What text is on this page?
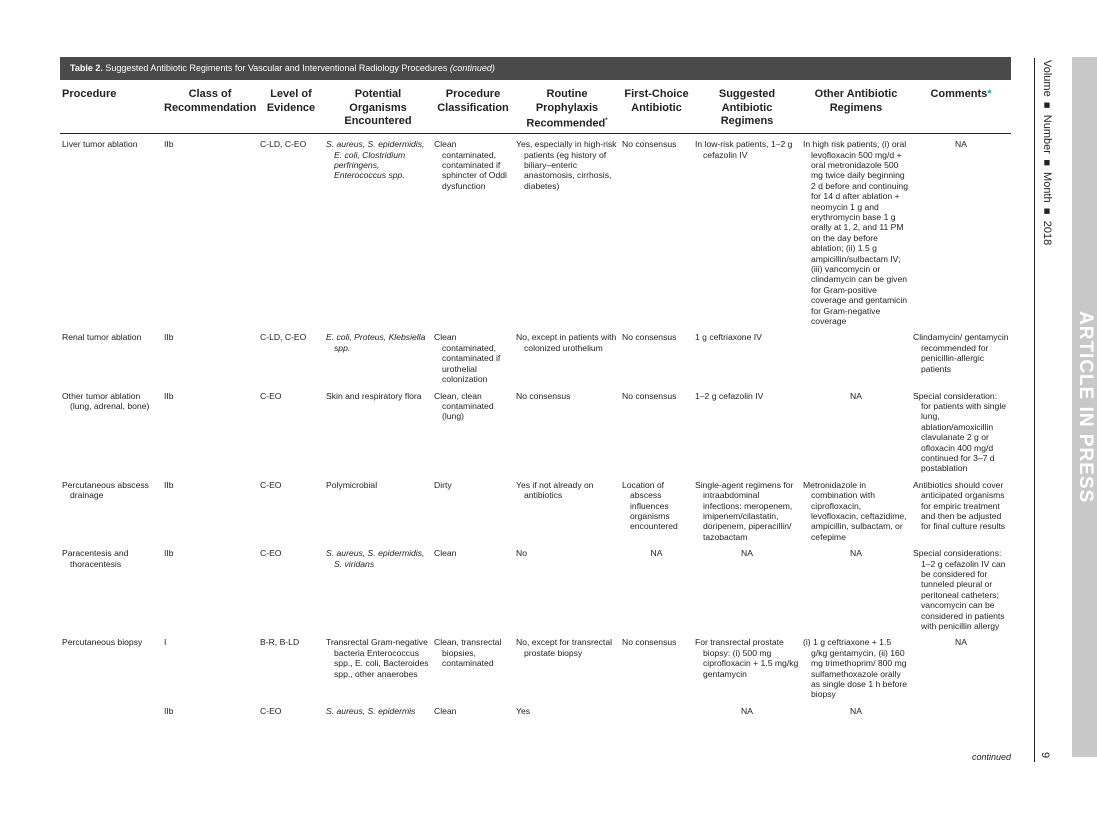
Table 2. Suggested Antibiotic Regiments for Vascular and Interventional Radiology Procedures (continued)
Procedure	Class of Recommendation	Level of Evidence	Potential Organisms Encountered	Procedure Classification	Routine Prophylaxis Recommended*	First-Choice Antibiotic	Suggested Antibiotic Regimens	Other Antibiotic Regimens	Comments*
Liver tumor ablation	IIb	C-LD, C-EO	S. aureus, S. epidermidis, E. coli, Clostridium perfringens, Enterococcus spp.	Clean contaminated, contaminated if sphincter of Oddi dysfunction	Yes, especially in high-risk patients (eg history of biliary–enteric anastomosis, cirrhosis, diabetes)	No consensus	In low-risk patients, 1–2 g cefazolin IV	In high risk patients, (i) oral levofloxacin 500 mg/d + oral metronidazole 500 mg twice daily beginning 2 d before and continuing for 14 d after ablation + neomycin 1 g and erythromycin base 1 g orally at 1, 2, and 11 PM on the day before ablation; (ii) 1.5 g ampicillin/sulbactam IV; (iii) vancomycin or clindamycin can be given for Gram-positive coverage and gentamicin for Gram-negative coverage	NA
Renal tumor ablation	IIb	C-LD, C-EO	E. coli, Proteus, Klebsiella spp.	Clean contaminated, contaminated if urothelial colonization	No, except in patients with colonized urothelium	No consensus	1 g ceftriaxone IV		Clindamycin/ gentamycin recommended for penicillin-allergic patients
Other tumor ablation (lung, adrenal, bone)	IIb	C-EO	Skin and respiratory flora	Clean, clean contaminated (lung)	No consensus	No consensus	1–2 g cefazolin IV	NA	Special consideration: for patients with single lung, ablation/amoxicillin clavulanate 2 g or ofloxacin 400 mg/d continued for 3–7 d postablation
Percutaneous abscess drainage	IIb	C-EO	Polymicrobial	Dirty	Yes if not already on antibiotics	Location of abscess influences organisms encountered	Single-agent regimens for intraabdominal infections: meropenem, imipenem/cilastatin, doripenem, piperacillin/ tazobactam	Metronidazole in combination with ciprofloxacin, levofloxacin, ceftazidime, ampicillin, sulbactam, or cefepime	Antibiotics should cover anticipated organisms for empiric treatment and then be adjusted for final culture results
Paracentesis and thoracentesis	IIb	C-EO	S. aureus, S. epidermidis, S. viridans	Clean	No	NA	NA	NA	Special considerations: 1–2 g cefazolin IV can be considered for tunneled pleural or peritoneal catheters; vancomycin can be considered in patients with penicillin allergy
Percutaneous biopsy	I	B-R, B-LD	Transrectal Gram-negative bacteria Enterococcus spp., E. coli, Bacteroides spp., other anaerobes	Clean, transrectal biopsies, contaminated	No, except for transrectal prostate biopsy	No consensus	For transrectal prostate biopsy: (i) 500 mg ciprofloxacin + 1.5 mg/kg gentamycin	(i) 1 g ceftriaxone + 1.5 g/kg gentamycin, (ii) 160 mg trimethoprim/ 800 mg sulfamethoxazole orally as single dose 1 h before biopsy	NA
	IIb	C-EO	S. aureus, S. epidermis	Clean	Yes		NA	NA	
continued
Volume ■ Number ■ Month ■ 2018
9
ARTICLE IN PRESS
